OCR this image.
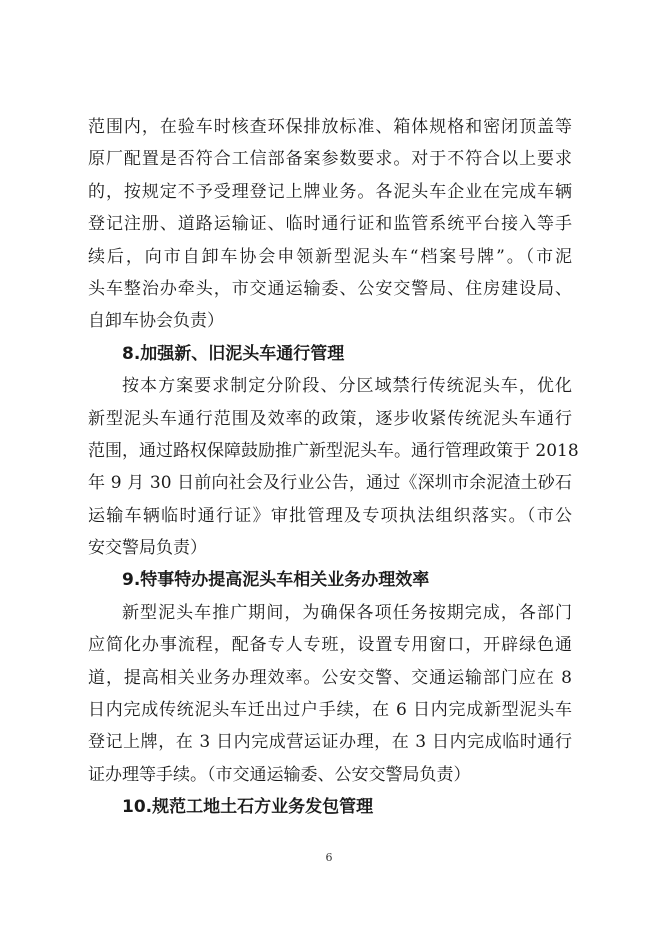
范围内，在验车时核查环保排放标准、箱体规格和密闭顶盖等
原厂配置是否符合工信部备案参数要求。对于不符合以上要求
的，按规定不予受理登记上牌业务。各泥头车企业在完成车辆
登记注册、道路运输证、临时通行证和监管系统平台接入等手
续后，向市自卸车协会申领新型泥头车“档案号牌”。（市泥
头车整治办牵头，市交通运输委、公安交警局、住房建设局、
自卸车协会负责）
8.加强新、旧泥头车通行管理
按本方案要求制定分阶段、分区域禁行传统泥头车，优化
新型泥头车通行范围及效率的政策，逐步收紧传统泥头车通行
范围，通过路权保障鼓励推广新型泥头车。通行管理政策于 2018
年 9 月 30 日前向社会及行业公告，通过《深圳市余泥渣土砂石
运输车辆临时通行证》审批管理及专项执法组织落实。（市公
安交警局负责）
9.特事特办提高泥头车相关业务办理效率
新型泥头车推广期间，为确保各项任务按期完成，各部门
应简化办事流程，配备专人专班，设置专用窗口，开辟绿色通
道，提高相关业务办理效率。公安交警、交通运输部门应在 8
日内完成传统泥头车迁出过户手续，在 6 日内完成新型泥头车
登记上牌，在 3 日内完成营运证办理，在 3 日内完成临时通行
证办理等手续。（市交通运输委、公安交警局负责）
10.规范工地土石方业务发包管理
6
